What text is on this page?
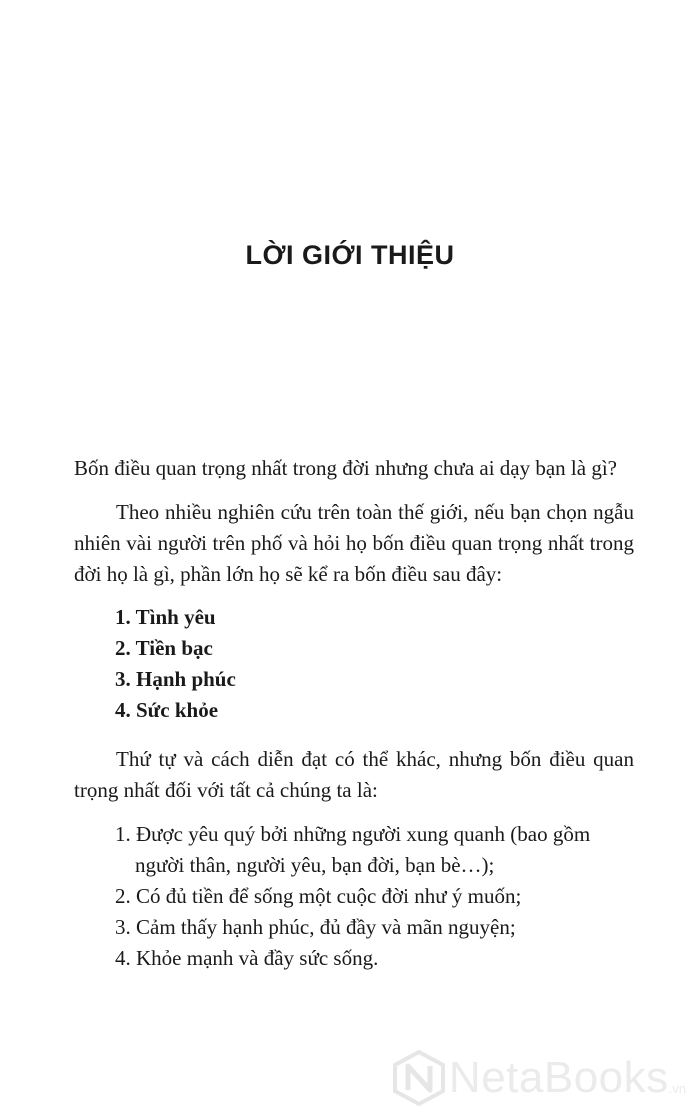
LỜI GIỚI THIỆU

Bốn điều quan trọng nhất trong đời nhưng chưa ai dạy bạn là gì?

Theo nhiều nghiên cứu trên toàn thế giới, nếu bạn chọn ngẫu nhiên vài người trên phố và hỏi họ bốn điều quan trọng nhất trong đời họ là gì, phần lớn họ sẽ kể ra bốn điều sau đây:

1. Tình yêu
2. Tiền bạc
3. Hạnh phúc
4. Sức khỏe

Thứ tự và cách diễn đạt có thể khác, nhưng bốn điều quan trọng nhất đối với tất cả chúng ta là:

1. Được yêu quý bởi những người xung quanh (bao gồm người thân, người yêu, bạn đời, bạn bè…);
2. Có đủ tiền để sống một cuộc đời như ý muốn;
3. Cảm thấy hạnh phúc, đủ đầy và mãn nguyện;
4. Khỏe mạnh và đầy sức sống.
NetaBooks .vn
